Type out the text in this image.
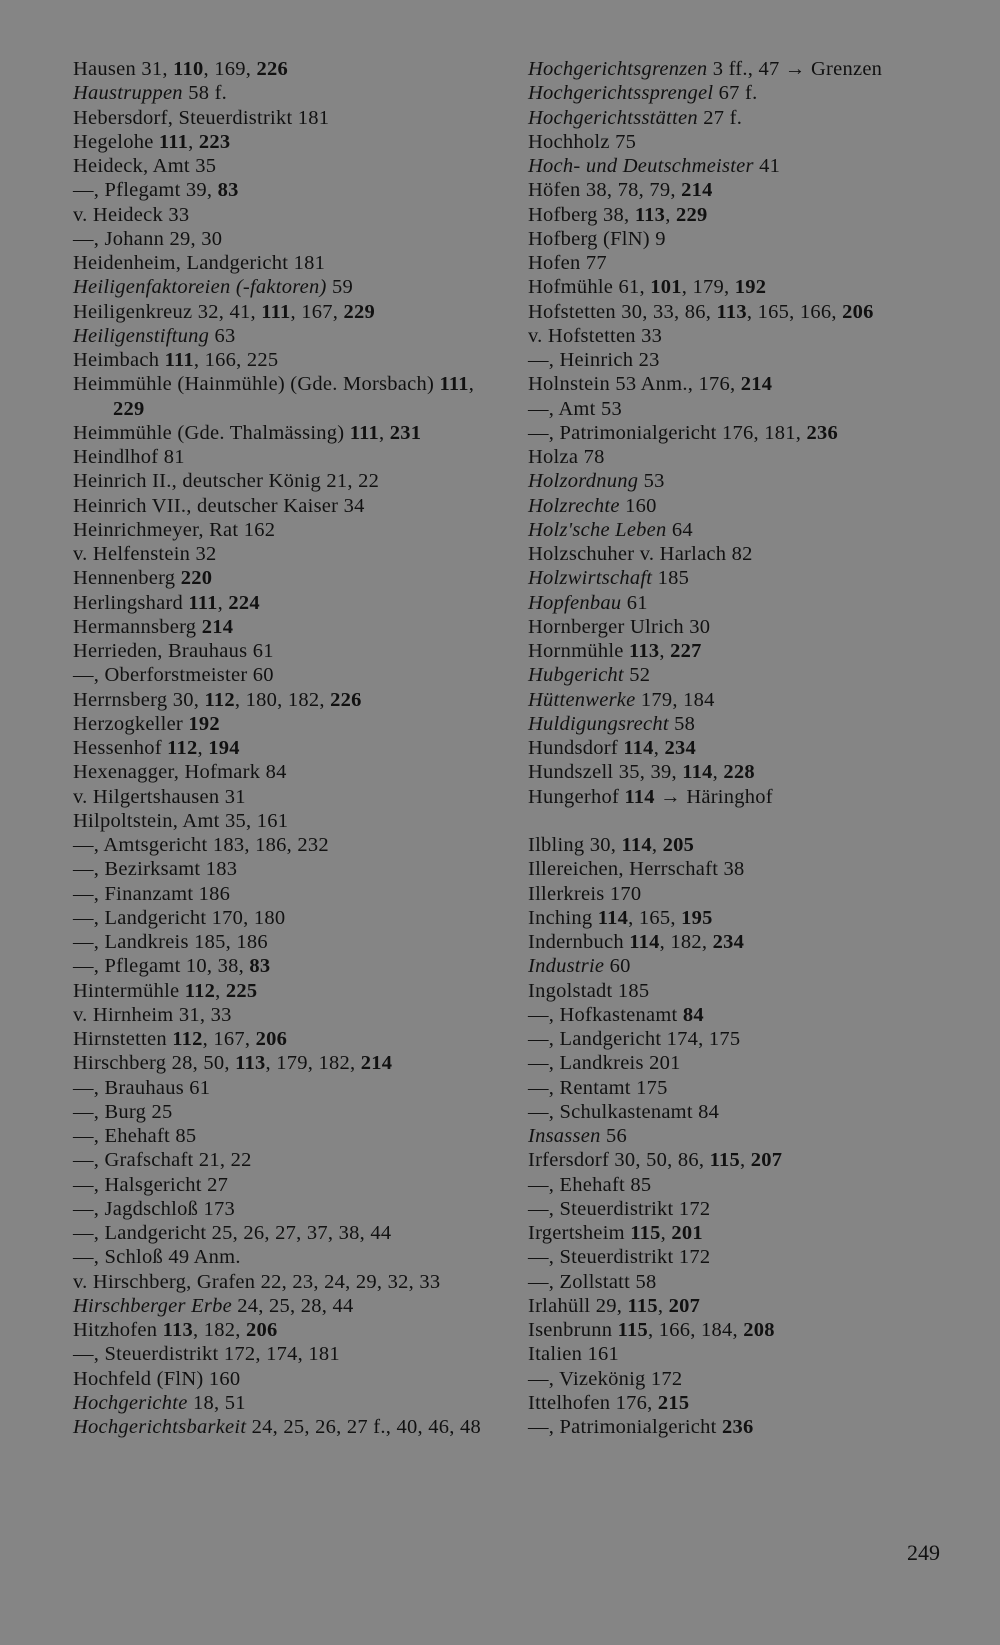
Hausen 31, 110, 169, 226
Haustruppen 58 f.
Hebersdorf, Steuerdistrikt 181
Hegelohe 111, 223
Heideck, Amt 35
—, Pflegamt 39, 83
v. Heideck 33
—, Johann 29, 30
Heidenheim, Landgericht 181
Heiligenfaktoreien (-faktoren) 59
Heiligenkreuz 32, 41, 111, 167, 229
Heiligenstiftung 63
Heimbach 111, 166, 225
Heimmühle (Hainmühle) (Gde. Morsbach) 111, 229
Heimmühle (Gde. Thalmässing) 111, 231
Heindlhof 81
Heinrich II., deutscher König 21, 22
Heinrich VII., deutscher Kaiser 34
Heinrichmeyer, Rat 162
v. Helfenstein 32
Hennenberg 220
Herlingshard 111, 224
Hermannsberg 214
Herrieden, Brauhaus 61
—, Oberforstmeister 60
Herrnsberg 30, 112, 180, 182, 226
Herzogkeller 192
Hessenhof 112, 194
Hexenagger, Hofmark 84
v. Hilgertshausen 31
Hilpoltstein, Amt 35, 161
—, Amtsgericht 183, 186, 232
—, Bezirksamt 183
—, Finanzamt 186
—, Landgericht 170, 180
—, Landkreis 185, 186
—, Pflegamt 10, 38, 83
Hintermühle 112, 225
v. Hirnheim 31, 33
Hirnstetten 112, 167, 206
Hirschberg 28, 50, 113, 179, 182, 214
—, Brauhaus 61
—, Burg 25
—, Ehehaft 85
—, Grafschaft 21, 22
—, Halsgericht 27
—, Jagdschloß 173
—, Landgericht 25, 26, 27, 37, 38, 44
—, Schloß 49 Anm.
v. Hirschberg, Grafen 22, 23, 24, 29, 32, 33
Hirschberger Erbe 24, 25, 28, 44
Hitzhofen 113, 182, 206
—, Steuerdistrikt 172, 174, 181
Hochfeld (FlN) 160
Hochgerichte 18, 51
Hochgerichtsbarkeit 24, 25, 26, 27 f., 40, 46, 48
Hochgerichtsgrenzen 3 ff., 47 → Grenzen
Hochgerichtssprengel 67 f.
Hochgerichtsstätten 27 f.
Hochholz 75
Hoch- und Deutschmeister 41
Höfen 38, 78, 79, 214
Hofberg 38, 113, 229
Hofberg (FlN) 9
Hofen 77
Hofmühle 61, 101, 179, 192
Hofstetten 30, 33, 86, 113, 165, 166, 206
v. Hofstetten 33
—, Heinrich 23
Holnstein 53 Anm., 176, 214
—, Amt 53
—, Patrimonialgericht 176, 181, 236
Holza 78
Holzordnung 53
Holzrechte 160
Holz'sche Leben 64
Holzschuher v. Harlach 82
Holzwirtschaft 185
Hopfenbau 61
Hornberger Ulrich 30
Hornmühle 113, 227
Hubgericht 52
Hüttenwerke 179, 184
Huldigungsrecht 58
Hundsdorf 114, 234
Hundszell 35, 39, 114, 228
Hungerhof 114 → Häringhof
Ilbling 30, 114, 205
Illereichen, Herrschaft 38
Illerkreis 170
Inching 114, 165, 195
Indernbuch 114, 182, 234
Industrie 60
Ingolstadt 185
—, Hofkastenamt 84
—, Landgericht 174, 175
—, Landkreis 201
—, Rentamt 175
—, Schulkastenamt 84
Insassen 56
Irfersdorf 30, 50, 86, 115, 207
—, Ehehaft 85
—, Steuerdistrikt 172
Irgertsheim 115, 201
—, Steuerdistrikt 172
—, Zollstatt 58
Irlahüll 29, 115, 207
Isenbrunn 115, 166, 184, 208
Italien 161
—, Vizekönig 172
Ittelhofen 176, 215
—, Patrimonialgericht 236
249
